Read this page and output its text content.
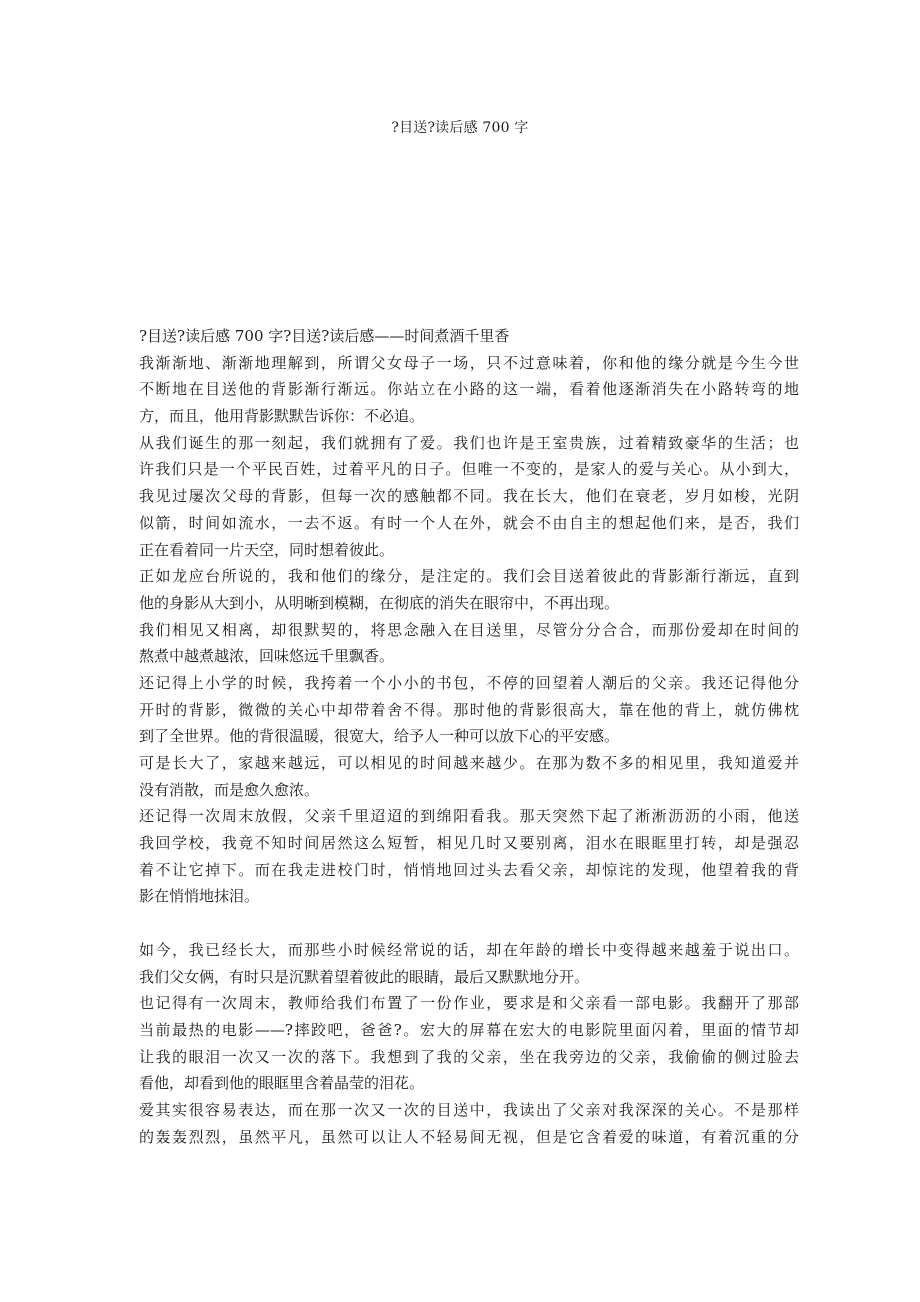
?目送?读后感 700 字
?目送?读后感 700 字?目送?读后感——时间煮酒千里香
我渐渐地、渐渐地理解到，所谓父女母子一场，只不过意味着，你和他的缘分就是今生今世
不断地在目送他的背影渐行渐远。你站立在小路的这一端，看着他逐渐消失在小路转弯的地
方，而且，他用背影默默告诉你：不必追。
从我们诞生的那一刻起，我们就拥有了爱。我们也许是王室贵族，过着精致豪华的生活；也
许我们只是一个平民百姓，过着平凡的日子。但唯一不变的，是家人的爱与关心。从小到大，
我见过屡次父母的背影，但每一次的感触都不同。我在长大，他们在衰老，岁月如梭，光阴
似箭，时间如流水，一去不返。有时一个人在外，就会不由自主的想起他们来，是否，我们
正在看着同一片天空，同时想着彼此。
正如龙应台所说的，我和他们的缘分，是注定的。我们会目送着彼此的背影渐行渐远，直到
他的身影从大到小，从明晰到模糊，在彻底的消失在眼帘中，不再出现。
我们相见又相离，却很默契的，将思念融入在目送里，尽管分分合合，而那份爱却在时间的
熬煮中越煮越浓，回味悠远千里飘香。
还记得上小学的时候，我挎着一个小小的书包，不停的回望着人潮后的父亲。我还记得他分
开时的背影，微微的关心中却带着舍不得。那时他的背影很高大，靠在他的背上，就仿佛枕
到了全世界。他的背很温暖，很宽大，给予人一种可以放下心的平安感。
可是长大了，家越来越远，可以相见的时间越来越少。在那为数不多的相见里，我知道爱并
没有消散，而是愈久愈浓。
还记得一次周末放假，父亲千里迢迢的到绵阳看我。那天突然下起了淅淅沥沥的小雨，他送
我回学校，我竟不知时间居然这么短暂，相见几时又要别离，泪水在眼眶里打转，却是强忍
着不让它掉下。而在我走进校门时，悄悄地回过头去看父亲，却惊诧的发现，他望着我的背
影在悄悄地抹泪。
如今，我已经长大，而那些小时候经常说的话，却在年龄的增长中变得越来越羞于说出口。
我们父女俩，有时只是沉默着望着彼此的眼睛，最后又默默地分开。
也记得有一次周末，教师给我们布置了一份作业，要求是和父亲看一部电影。我翻开了那部
当前最热的电影——?摔跤吧，爸爸?。宏大的屏幕在宏大的电影院里面闪着，里面的情节却
让我的眼泪一次又一次的落下。我想到了我的父亲，坐在我旁边的父亲，我偷偷的侧过脸去
看他，却看到他的眼眶里含着晶莹的泪花。
爱其实很容易表达，而在那一次又一次的目送中，我读出了父亲对我深深的关心。不是那样
的轰轰烈烈，虽然平凡，虽然可以让人不轻易间无视，但是它含着爱的味道，有着沉重的分
